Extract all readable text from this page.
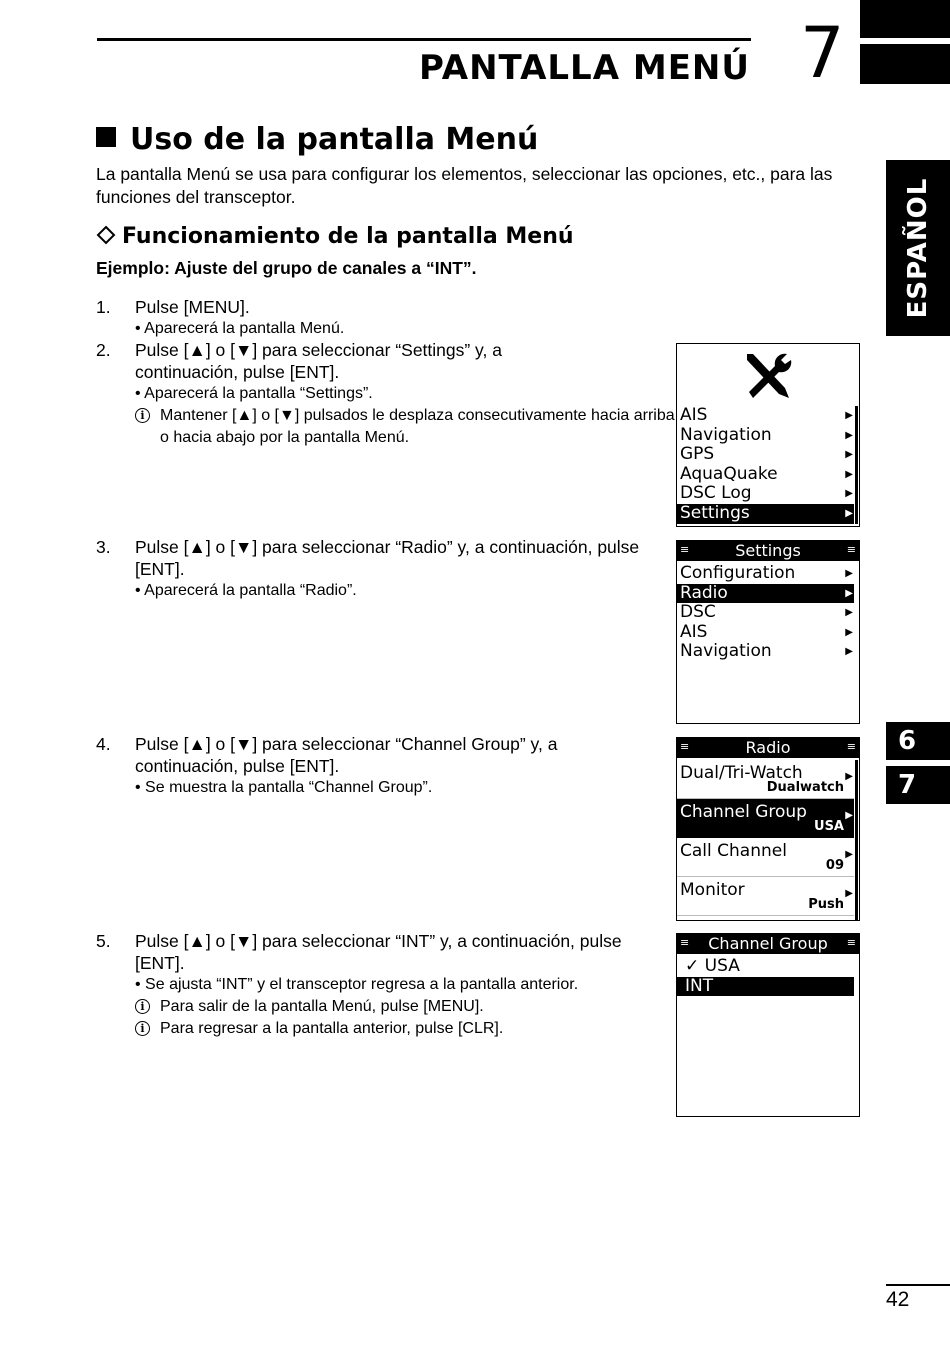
PANTALLA MENÚ 7
ESPAÑOL
6
7
Uso de la pantalla Menú
La pantalla Menú se usa para configurar los elementos, seleccionar las opciones, etc., para las funciones del transceptor.
Funcionamiento de la pantalla Menú
Ejemplo: Ajuste del grupo de canales a “INT”.
1. Pulse [MENU].
• Aparecerá la pantalla Menú.
2. Pulse [▲] o [▼] para seleccionar “Settings” y, a continuación, pulse [ENT].
• Aparecerá la pantalla “Settings”.
i Mantener [▲] o [▼] pulsados le desplaza consecutivamente hacia arriba o hacia abajo por la pantalla Menú.
3. Pulse [▲] o [▼] para seleccionar “Radio” y, a continuación, pulse [ENT].
• Aparecerá la pantalla “Radio”.
4. Pulse [▲] o [▼] para seleccionar “Channel Group” y, a continuación, pulse [ENT].
• Se muestra la pantalla “Channel Group”.
5. Pulse [▲] o [▼] para seleccionar “INT” y, a continuación, pulse [ENT].
• Se ajusta “INT” y el transceptor regresa a la pantalla anterior.
i Para salir de la pantalla Menú, pulse [MENU].
i Para regresar a la pantalla anterior, pulse [CLR].
AIS	▶
Navigation	▶
GPS	▶
AquaQuake	▶
DSC Log	▶
Settings	▶
≡	Settings	≡
Configuration	▶
Radio	▶
DSC	▶
AIS	▶
Navigation	▶
≡	Radio	≡
Dual/Tri-Watch
Dualwatch
▶
Channel Group
USA
▶
Call Channel
09
▶
Monitor
Push
▶
≡ Channel Group ≡
✓ USA
INT
42
